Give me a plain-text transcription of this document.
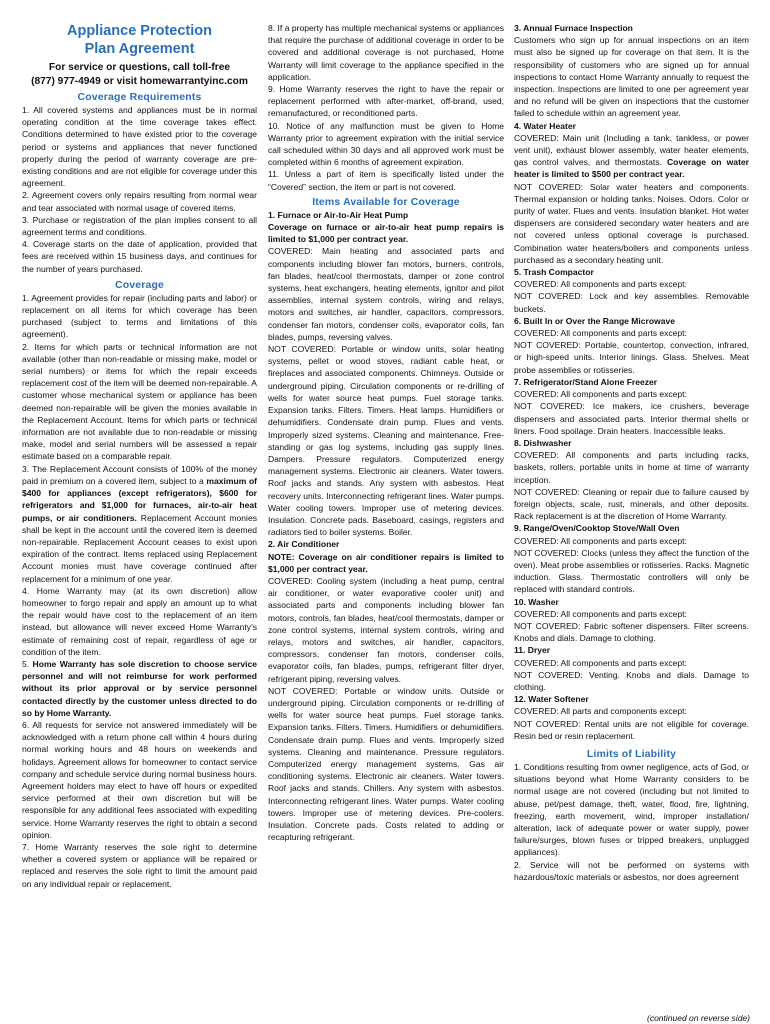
Appliance Protection
Plan Agreement
For service or questions, call toll-free
(877) 977-4949 or visit homewarrantyinc.com
Coverage Requirements

1. All covered systems and appliances must be in normal operating condition at the time coverage takes effect. Conditions determined to have existed prior to the coverage period or systems and appliances that never functioned properly during the period of warranty coverage are pre-existing conditions and are not eligible for coverage under this agreement.

2. Agreement covers only repairs resulting from normal wear and tear associated with normal usage of covered items.

3. Purchase or registration of the plan implies consent to all agreement terms and conditions.

4. Coverage starts on the date of application, provided that fees are received within 15 business days, and continues for the number of years purchased.

Coverage

1. Agreement provides for repair (including parts and labor) or replacement on all items for which coverage has been purchased (subject to terms and limitations of this agreement).

2. Items for which parts or technical information are not available (other than non-readable or missing make, model or serial numbers) or items for which the repair exceeds replacement cost of the item will be deemed non-repairable. A customer whose mechanical system or appliance has been deemed non-repairable will be given the monies available in the Replacement Account. Items for which parts or technical information are not available due to non-readable or missing make, model and serial numbers will be assessed a repair estimate based on a comparable repair.

3. The Replacement Account consists of 100% of the money paid in premium on a covered item, subject to a maximum of $400 for appliances (except refrigerators), $600 for refrigerators and $1,000 for furnaces, air-to-air heat pumps, or air conditioners. Replacement Account monies shall be kept in the account until the covered item is deemed non-repairable. Replacement Account ceases to exist upon expiration of the contract. Items replaced using Replacement Account monies must have coverage continued after replacement for a minimum of one year.

4. Home Warranty may (at its own discretion) allow homeowner to forgo repair and apply an amount up to what the repair would have cost to the replacement of an item instead, but allowance will never exceed Home Warranty’s estimate of remaining cost of repair, regardless of age or condition of the item.

5. Home Warranty has sole discretion to choose service personnel and will not reimburse for work performed without its prior approval or by service personnel contacted directly by the customer unless directed to do so by Home Warranty.

6. All requests for service not answered immediately will be acknowledged with a return phone call within 4 hours during normal working hours and 48 hours on weekends and holidays. Agreement allows for homeowner to contact service company and schedule service during normal business hours. Agreement holders may elect to have off hours or expedited service performed at their own discretion but will be responsible for any additional fees associated with expediting service. Home Warranty reserves the right to obtain a second opinion.

7. Home Warranty reserves the sole right to determine whether a covered system or appliance will be repaired or replaced and reserves the sole right to limit the amount paid on any individual repair or replacement.

8. If a property has multiple mechanical systems or appliances that require the purchase of additional coverage in order to be covered and additional coverage is not purchased, Home Warranty will limit coverage to the appliance specified in the application.

9. Home Warranty reserves the right to have the repair or replacement performed with after-market, off-brand, used, remanufactured, or reconditioned parts.

10. Notice of any malfunction must be given to Home Warranty prior to agreement expiration with the initial service call scheduled within 30 days and all approved work must be completed within 6 months of agreement expiration.

11. Unless a part of item is specifically listed under the “Covered” section, the item or part is not covered.

Items Available for Coverage

1. Furnace or Air-to-Air Heat Pump

Coverage on furnace or air-to-air heat pump repairs is limited to $1,000 per contract year.

COVERED: Main heating and associated parts and components including blower fan motors, burners, controls, fan blades, heat/cool thermostats, damper or zone control systems, heat exchangers, heating elements, ignitor and pilot assemblies, internal system controls, wiring and relays, motors and switches, air handler, capacitors, compressors, condenser fan motors, condenser coils, evaporator coils, fan blades, pumps, reversing valves.

NOT COVERED: Portable or window units, solar heating systems, pellet or wood stoves, radiant cable heat, or fireplaces and associated components. Chimneys. Outside or underground piping. Circulation components or re-drilling of wells for water source heat pumps. Fuel storage tanks. Expansion tanks. Filters. Timers. Heat lamps. Humidifiers or dehumidifiers. Condensate drain pump. Flues and vents. Improperly sized systems. Cleaning and maintenance. Free-standing or gas log systems, including gas supply lines. Dampers. Pressure regulators. Computerized energy management systems. Electronic air cleaners. Water towers. Roof jacks and stands. Any system with asbestos. Heat recovery units. Interconnecting refrigerant lines. Water pumps. Water cooling towers. Improper use of metering devices. Insulation. Concrete pads. Baseboard, casings, registers and radiators tied to boiler systems. Boiler.

2. Air Conditioner

NOTE: Coverage on air conditioner repairs is limited to $1,000 per contract year.

COVERED: Cooling system (including a heat pump, central air conditioner, or water evaporative cooler unit) and associated parts and components including blower fan motors, controls, fan blades, heat/cool thermostats, damper or zone control systems, internal system controls, wiring and relays, motors and switches, air handler, capacitors, compressors, condenser fan motors, condenser coils, evaporator coils, fan blades, pumps, refrigerant filter dryer, refrigerant piping, reversing valves.

NOT COVERED: Portable or window units. Outside or underground piping. Circulation components or re-drilling of wells for water source heat pumps. Fuel storage tanks. Expansion tanks. Filters. Timers. Humidifiers or dehumidifiers. Condensate drain pump. Flues and vents. Improperly sized systems. Cleaning and maintenance. Pressure regulators. Computerized energy management systems. Gas air conditioning systems. Electronic air cleaners. Water towers. Roof jacks and stands. Chillers. Any system with asbestos. Interconnecting refrigerant lines. Water pumps. Water cooling towers. Improper use of metering devices. Pre-coolers. Insulation. Concrete pads. Costs related to adding or recapturing refrigerant.

3. Annual Furnace Inspection

Customers who sign up for annual inspections on an item must also be signed up for coverage on that item. It is the responsibility of customers who are signed up for annual inspections to contact Home Warranty annually to request the inspection. Inspections are limited to one per agreement year and no refund will be given on inspections that the customer failed to schedule within an agreement year.

4. Water Heater

COVERED: Main unit (Including a tank, tankless, or power vent unit), exhaust blower assembly, water heater elements, gas control valves, and thermostats. Coverage on water heater is limited to $500 per contract year.

NOT COVERED: Solar water heaters and components. Thermal expansion or holding tanks. Noises. Odors. Color or purity of water. Flues and vents. Insulation blanket. Hot water dispensers are considered secondary water heaters and are not covered unless optional coverage is purchased. Combination water heaters/boilers and components unless purchased as a secondary heating unit.

5. Trash Compactor

COVERED: All components and parts except:

NOT COVERED: Lock and key assemblies. Removable buckets.

6. Built In or Over the Range Microwave

COVERED: All components and parts except:

NOT COVERED: Portable, countertop, convection, infrared, or high-speed units. Interior linings. Glass. Shelves. Meat probe assemblies or rotisseries.

7. Refrigerator/Stand Alone Freezer

COVERED: All components and parts except:

NOT COVERED: Ice makers, ice crushers, beverage dispensers and associated parts. Interior thermal shells or liners. Food spoilage. Drain heaters. Inaccessible leaks.

8. Dishwasher

COVERED: All components and parts including racks, baskets, rollers, portable units in home at time of warranty inception.

NOT COVERED: Cleaning or repair due to failure caused by foreign objects, scale, rust, minerals, and other deposits. Rack replacement is at the discretion of Home Warranty.

9. Range/Oven/Cooktop Stove/Wall Oven

COVERED: All components and parts except:

NOT COVERED: Clocks (unless they affect the function of the oven). Meat probe assemblies or rotisseries. Racks. Magnetic induction. Glass. Thermostatic controllers will only be replaced with standard controls.

10. Washer

COVERED: All components and parts except:

NOT COVERED: Fabric softener dispensers. Filter screens. Knobs and dials. Damage to clothing.

11. Dryer

COVERED: All components and parts except:

NOT COVERED: Venting. Knobs and dials. Damage to clothing.

12. Water Softener

COVERED: All parts and components except:

NOT COVERED: Rental units are not eligible for coverage. Resin bed or resin replacement.

Limits of Liability

1. Conditions resulting from owner negligence, acts of God, or situations beyond what Home Warranty considers to be normal usage are not covered (including but not limited to abuse, pet/pest damage, theft, water, flood, fire, lightning, freezing, earth movement, wind, improper installation/ alteration, lack of adequate power or water supply, power failure/surges, blown fuses or tripped breakers, unplugged appliances).

2. Service will not be performed on systems with hazardous/toxic materials or asbestos, nor does agreement

(continued on reverse side)
